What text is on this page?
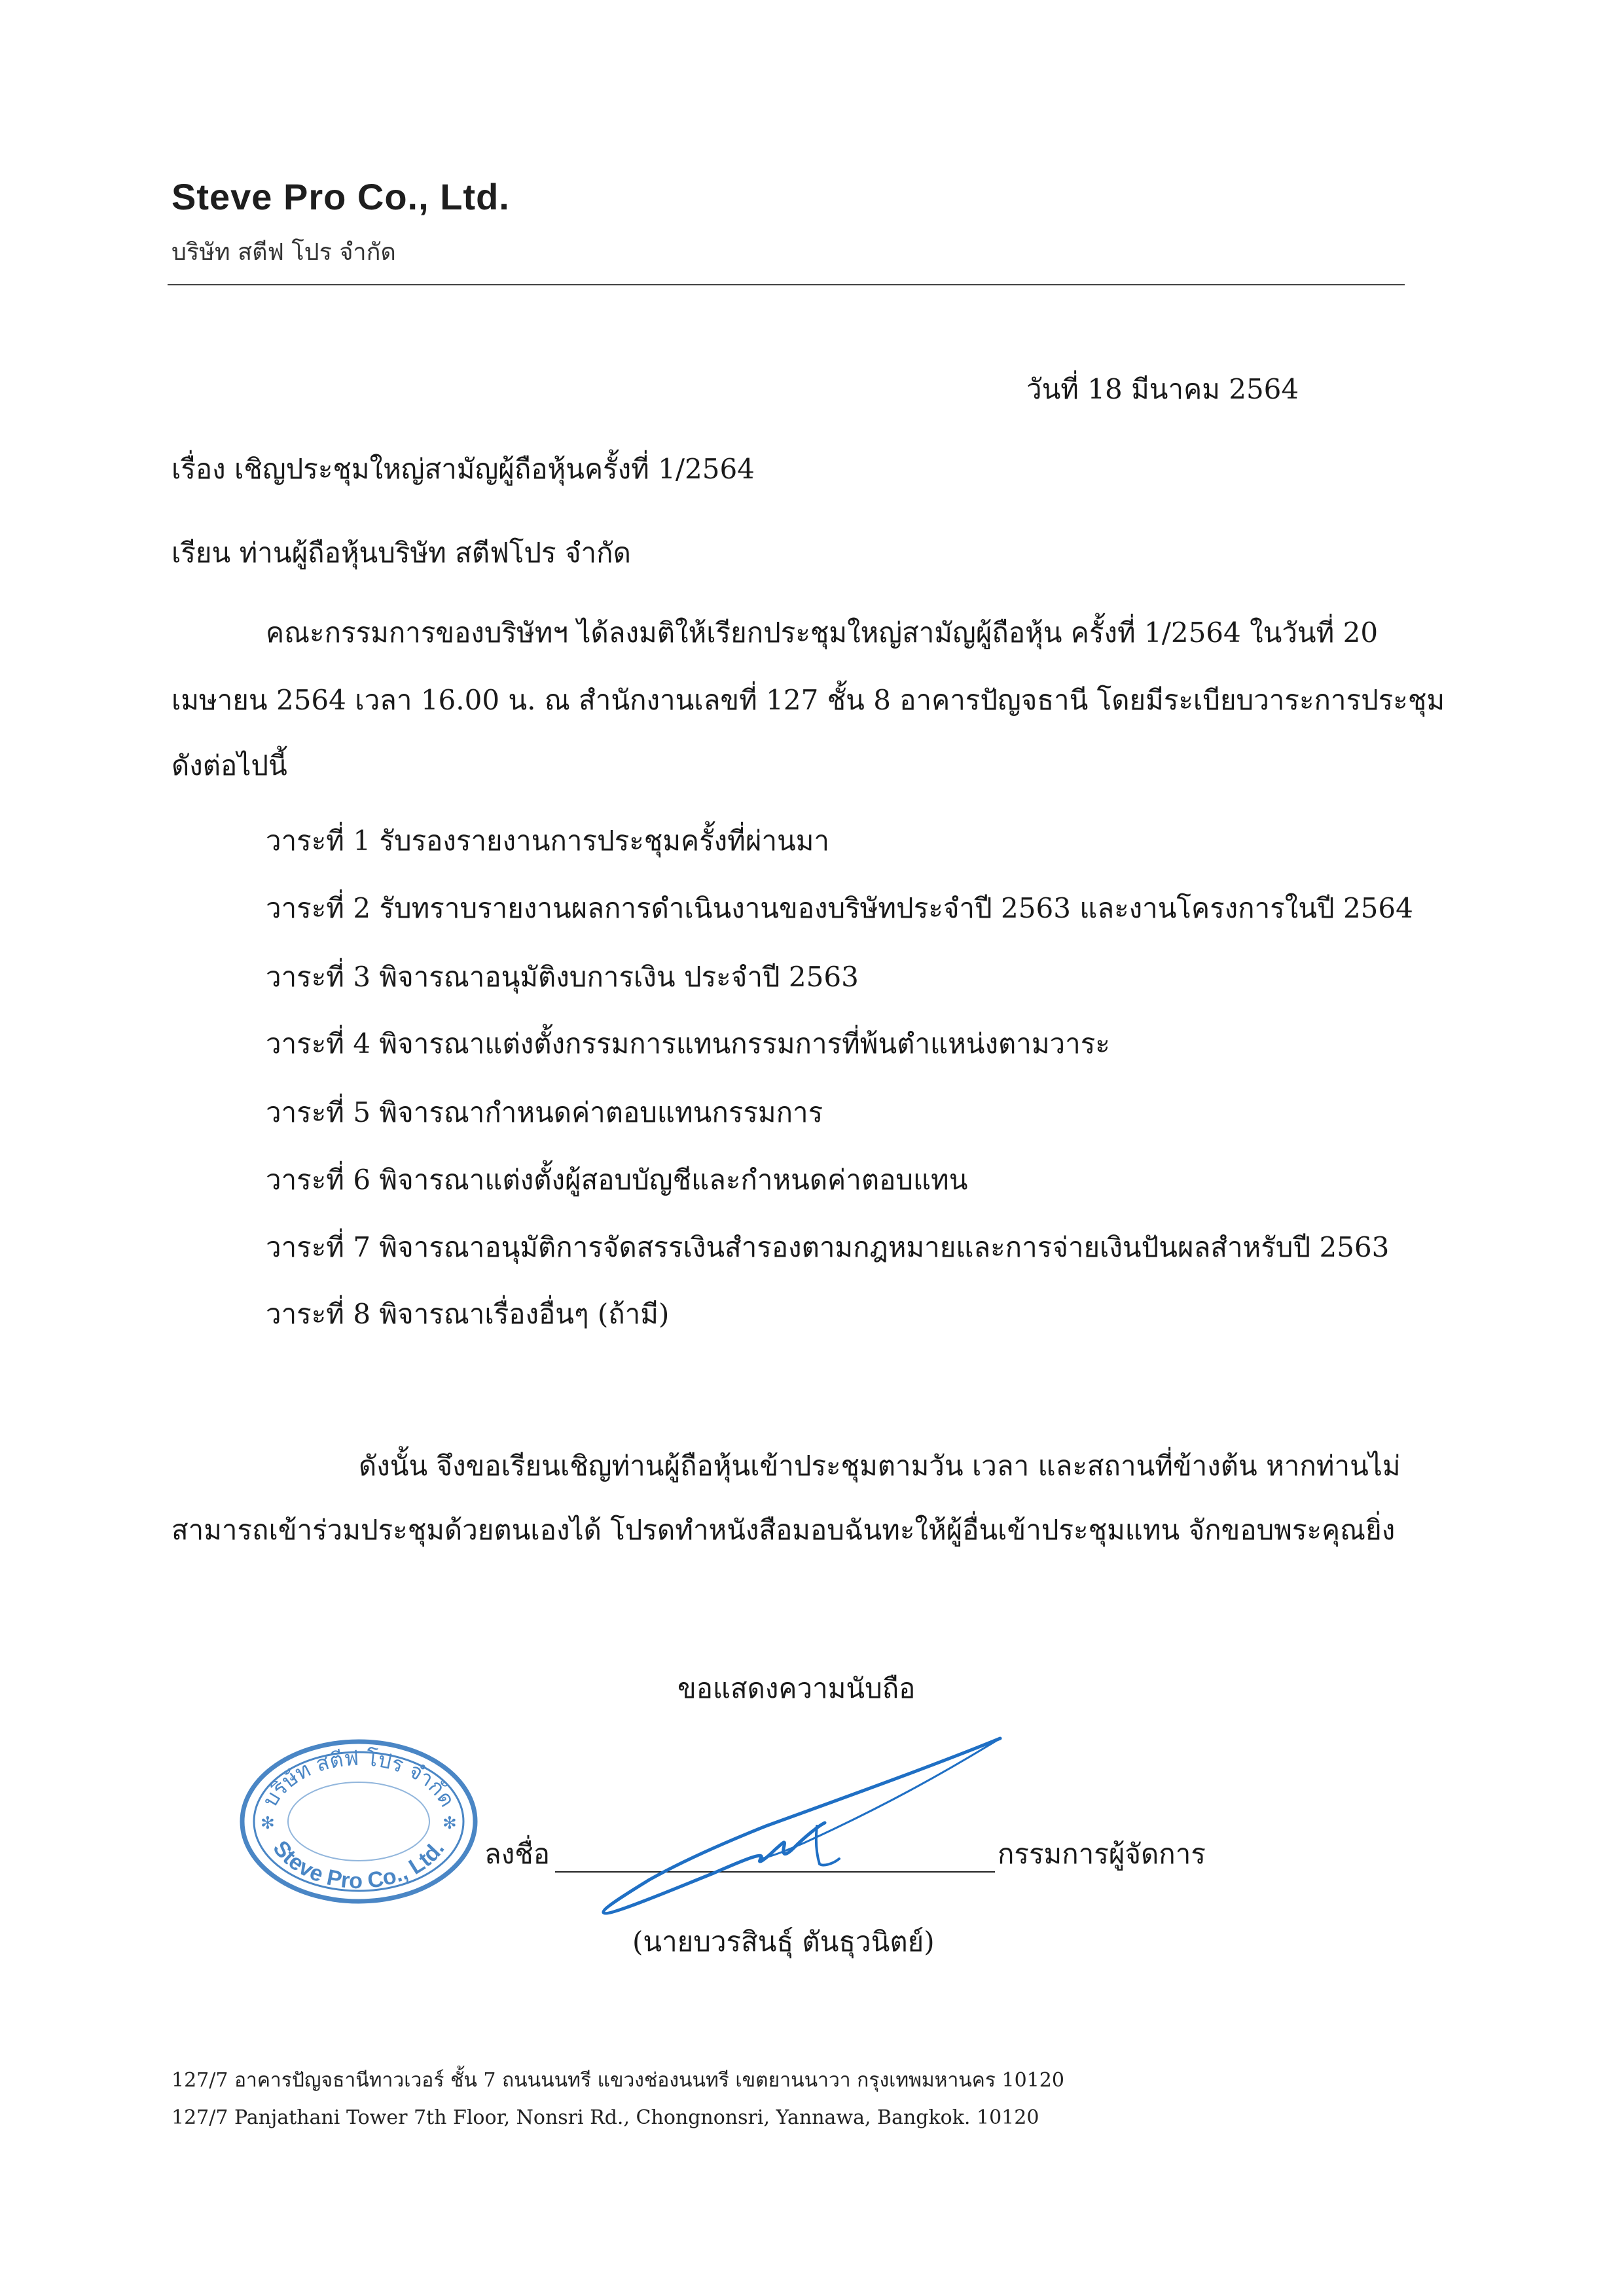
Steve Pro Co., Ltd.
บริษัท สตีฟ โปร จำกัด
วันที่ 18 มีนาคม 2564
เรื่อง เชิญประชุมใหญ่สามัญผู้ถือหุ้นครั้งที่ 1/2564
เรียน ท่านผู้ถือหุ้นบริษัท สตีฟโปร จำกัด
คณะกรรมการของบริษัทฯ ได้ลงมติให้เรียกประชุมใหญ่สามัญผู้ถือหุ้น ครั้งที่ 1/2564 ในวันที่ 20
เมษายน 2564 เวลา 16.00 น. ณ สำนักงานเลขที่ 127 ชั้น 8 อาคารปัญจธานี โดยมีระเบียบวาระการประชุม
ดังต่อไปนี้
วาระที่ 1 รับรองรายงานการประชุมครั้งที่ผ่านมา
วาระที่ 2 รับทราบรายงานผลการดำเนินงานของบริษัทประจำปี 2563 และงานโครงการในปี 2564
วาระที่ 3 พิจารณาอนุมัติงบการเงิน ประจำปี 2563
วาระที่ 4 พิจารณาแต่งตั้งกรรมการแทนกรรมการที่พ้นตำแหน่งตามวาระ
วาระที่ 5 พิจารณากำหนดค่าตอบแทนกรรมการ
วาระที่ 6 พิจารณาแต่งตั้งผู้สอบบัญชีและกำหนดค่าตอบแทน
วาระที่ 7 พิจารณาอนุมัติการจัดสรรเงินสำรองตามกฎหมายและการจ่ายเงินปันผลสำหรับปี 2563
วาระที่ 8 พิจารณาเรื่องอื่นๆ (ถ้ามี)
ดังนั้น จึงขอเรียนเชิญท่านผู้ถือหุ้นเข้าประชุมตามวัน เวลา และสถานที่ข้างต้น หากท่านไม่
สามารถเข้าร่วมประชุมด้วยตนเองได้ โปรดทำหนังสือมอบฉันทะให้ผู้อื่นเข้าประชุมแทน จักขอบพระคุณยิ่ง
ขอแสดงความนับถือ
บริษัท สตีฟ โปร จำกัด
Steve Pro Co., Ltd.
✻	✻
ลงชื่อ	กรรมการผู้จัดการ
(นายบวรสินธุ์ ตันธุวนิตย์)
127/7 อาคารปัญจธานีทาวเวอร์ ชั้น 7 ถนนนนทรี แขวงช่องนนทรี เขตยานนาวา กรุงเทพมหานคร 10120
127/7 Panjathani Tower 7th Floor, Nonsri Rd., Chongnonsri, Yannawa, Bangkok. 10120
